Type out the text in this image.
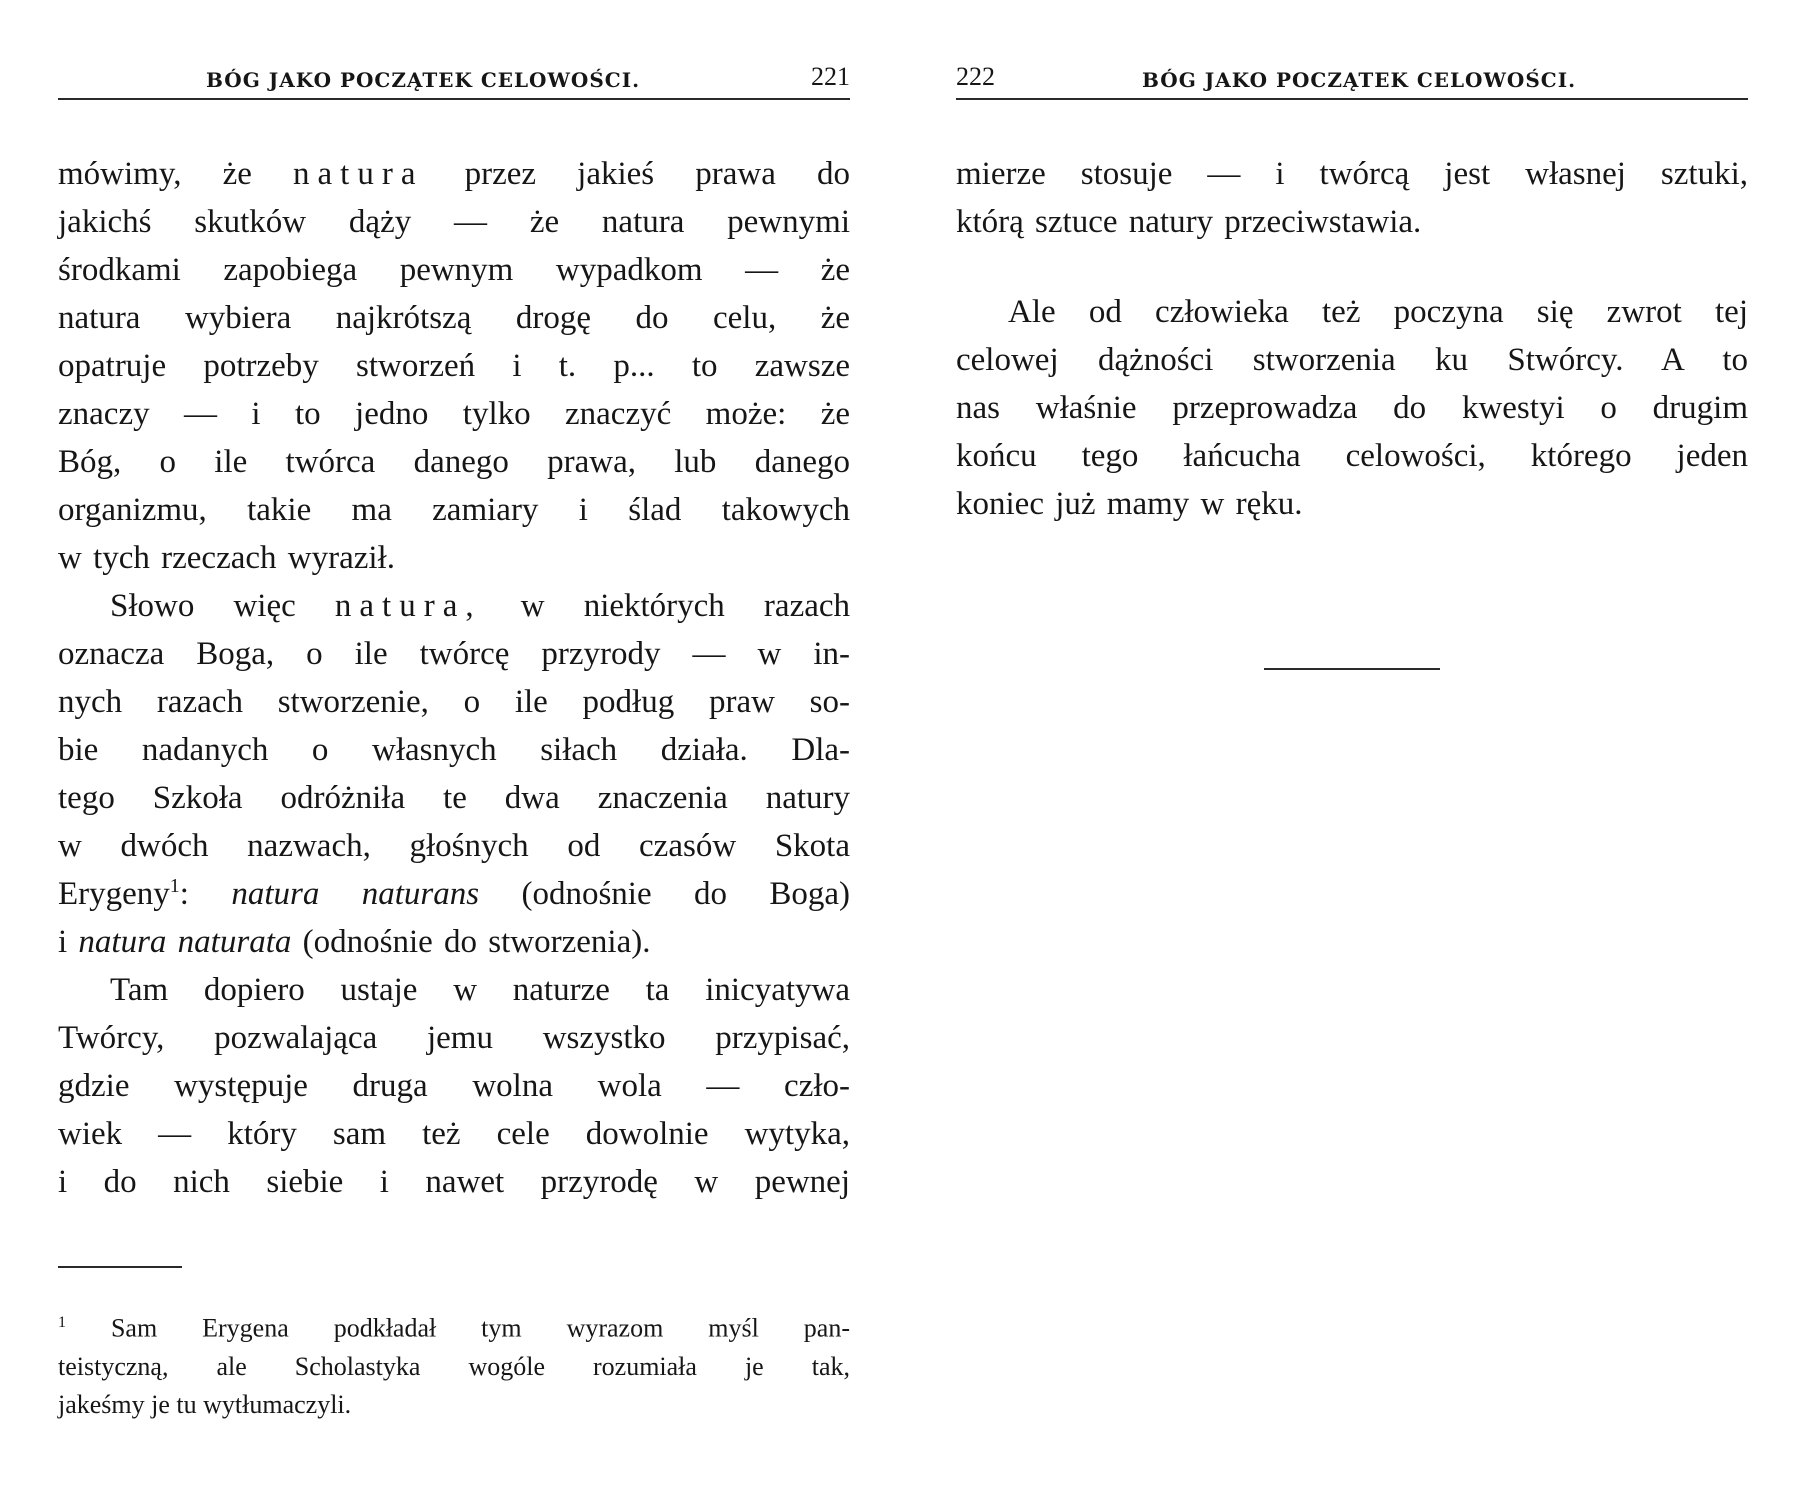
BÓG JAKO POCZĄTEK CELOWOŚCI.	221

mówimy, że natura przez jakieś prawa do
jakichś skutków dąży — że natura pewnymi
środkami zapobiega pewnym wypadkom — że
natura wybiera najkrótszą drogę do celu, że
opatruje potrzeby stworzeń i t. p... to zawsze
znaczy — i to jedno tylko znaczyć może: że
Bóg, o ile twórca danego prawa, lub danego
organizmu, takie ma zamiary i ślad takowych

w tych rzeczach wyraził.

Słowo więc natura, w niektórych razach

oznacza Boga, o ile twórcę przyrody — w in-
nych razach stworzenie, o ile podług praw so-
bie nadanych o własnych siłach działa. Dla-
tego Szkoła odróżniła te dwa znaczenia natury
w dwóch nazwach, głośnych od czasów Skota
Erygeny$^1$: natura naturans (odnośnie do Boga)

i natura naturata (odnośnie do stworzenia).

Tam dopiero ustaje w naturze ta inicyatywa

Twórcy, pozwalająca jemu wszystko przypisać,
gdzie występuje druga wolna wola — czło-
wiek — który sam też cele dowolnie wytyka,
i do nich siebie i nawet przyrodę w pewnej

$^1$ Sam Erygena podkładał tym wyrazom myśl pan-
teistyczną, ale Scholastyka wogóle rozumiała je tak,
jakeśmy je tu wytłumaczyli.
222	BÓG JAKO POCZĄTEK CELOWOŚCI.

mierze stosuje — i twórcą jest własnej sztuki,

którą sztuce natury przeciwstawia.

Ale od człowieka też poczyna się zwrot tej

celowej dążności stworzenia ku Stwórcy. A to
nas właśnie przeprowadza do kwestyi o drugim
końcu tego łańcucha celowości, którego jeden

koniec już mamy w ręku.
